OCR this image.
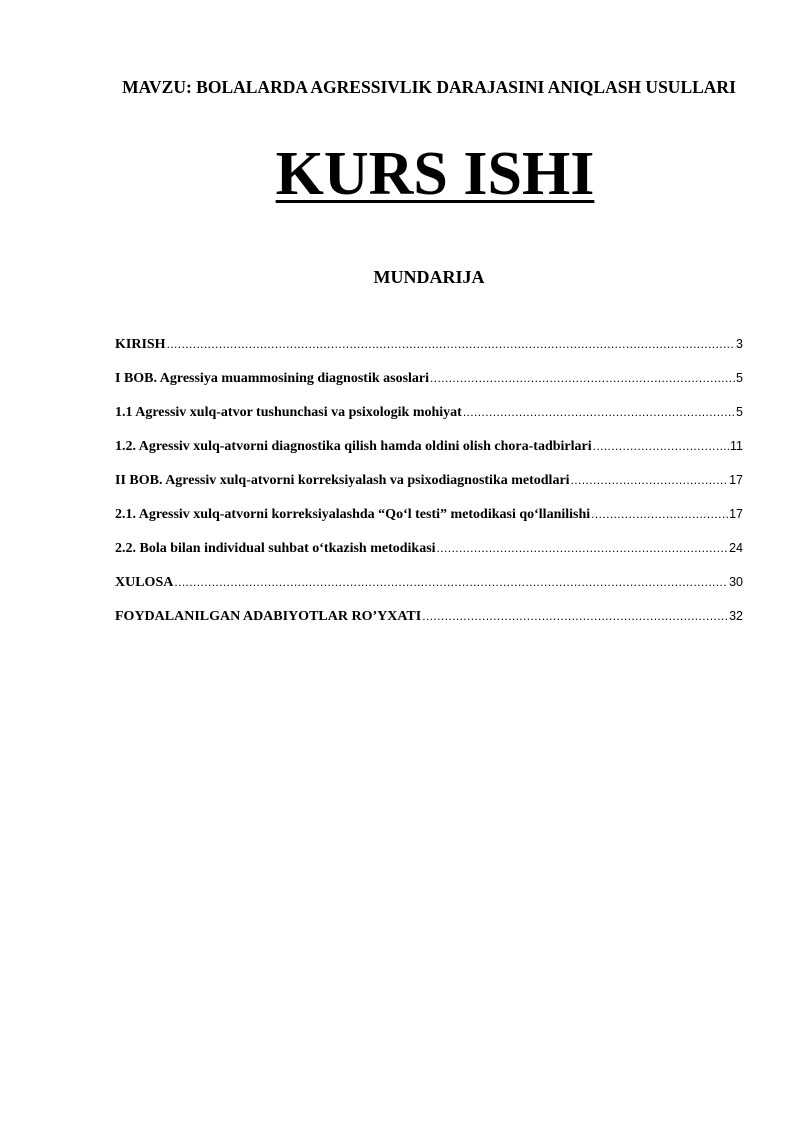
MAVZU: BOLALARDA AGRESSIVLIK DARAJASINI ANIQLASH USULLARI
KURS ISHI
MUNDARIJA
KIRISH .....	3
I BOB. Agressiya muammosining diagnostik asoslari .....	5
1.1 Agressiv xulq-atvor tushunchasi va psixologik mohiyat .....	5
1.2. Agressiv xulq-atvorni diagnostika qilish hamda oldini olish chora-tadbirlari .....	11
II BOB. Agressiv xulq-atvorni korreksiyalash va psixodiagnostika metodlari .....	17
2.1. Agressiv xulq-atvorni korreksiyalashda “Qo‘l testi” metodikasi qo‘llanilishi .....	17
2.2. Bola bilan individual suhbat o‘tkazish metodikasi .....	24
XULOSA .....	30
FOYDALANILGAN ADABIYOTLAR RO’YXATI .....	32
